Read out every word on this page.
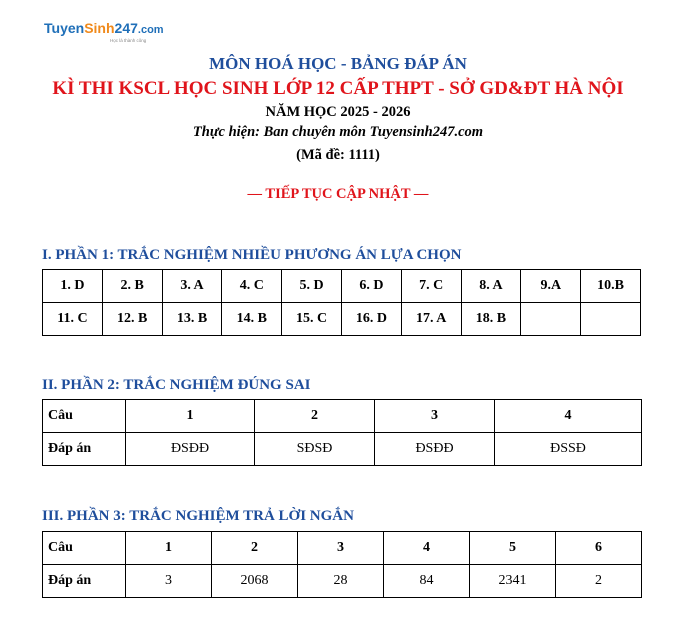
TuyenSinh247.com
Học là thành công
MÔN HOÁ HỌC - BẢNG ĐÁP ÁN
KÌ THI KSCL HỌC SINH LỚP 12 CẤP THPT - SỞ GD&ĐT HÀ NỘI
NĂM HỌC 2025 - 2026
Thực hiện: Ban chuyên môn Tuyensinh247.com
(Mã đề: 1111)
— TIẾP TỤC CẬP NHẬT —
I. PHẦN 1: TRẮC NGHIỆM NHIỀU PHƯƠNG ÁN LỰA CHỌN
1. D	2. B	3. A	4. C	5. D	6. D	7. C	8. A	9.A	10.B
11. C	12. B	13. B	14. B	15. C	16. D	17. A	18. B		
II. PHẦN 2: TRẮC NGHIỆM ĐÚNG SAI
Câu	1	2	3	4
Đáp án	ĐSĐĐ	SĐSĐ	ĐSĐĐ	ĐSSĐ
III. PHẦN 3: TRẮC NGHIỆM TRẢ LỜI NGẮN
Câu	1	2	3	4	5	6
Đáp án	3	2068	28	84	2341	2
